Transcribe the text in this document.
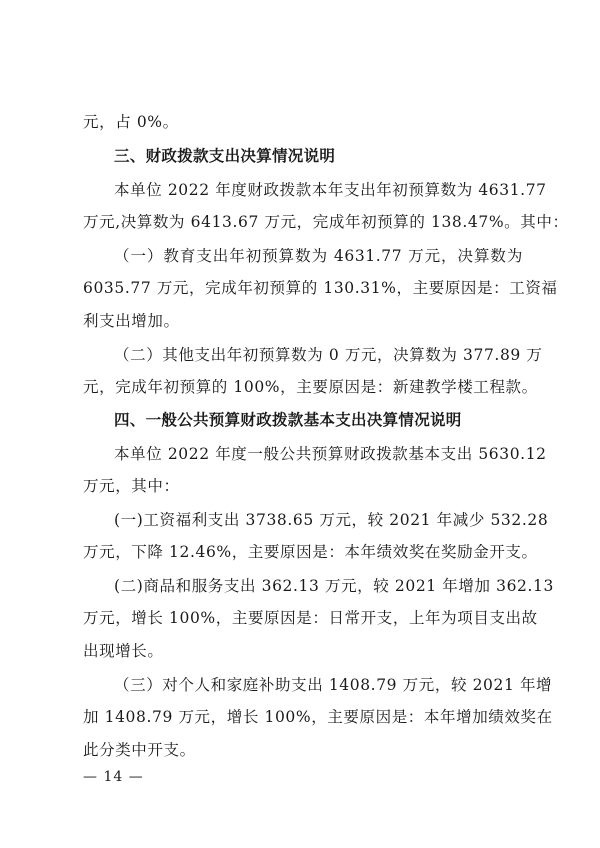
元，占 0%。
三、财政拨款支出决算情况说明
本单位 2022 年度财政拨款本年支出年初预算数为 4631.77
万元,决算数为 6413.67 万元，完成年初预算的 138.47%。其中：
（一）教育支出年初预算数为 4631.77 万元，决算数为
6035.77 万元，完成年初预算的 130.31%，主要原因是：工资福
利支出增加。
（二）其他支出年初预算数为 0 万元，决算数为 377.89 万
元，完成年初预算的 100%，主要原因是：新建教学楼工程款。
四、一般公共预算财政拨款基本支出决算情况说明
本单位 2022 年度一般公共预算财政拨款基本支出 5630.12
万元，其中：
(一)工资福利支出 3738.65 万元，较 2021 年减少 532.28
万元，下降 12.46%，主要原因是：本年绩效奖在奖励金开支。
(二)商品和服务支出 362.13 万元，较 2021 年增加 362.13
万元，增长 100%，主要原因是：日常开支，上年为项目支出故
出现增长。
（三）对个人和家庭补助支出 1408.79 万元，较 2021 年增
加 1408.79 万元，增长 100%，主要原因是：本年增加绩效奖在
此分类中开支。
— 14 —
